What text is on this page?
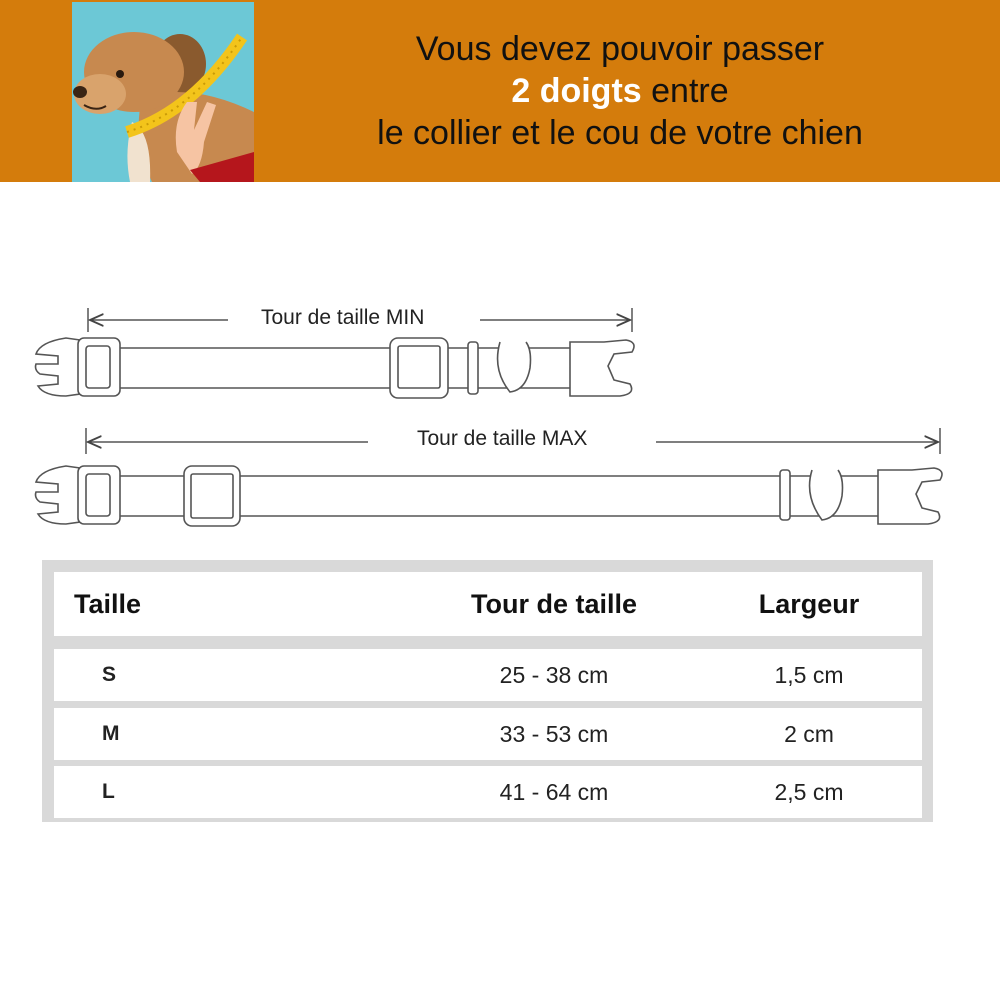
Vous devez pouvoir passer
2 doigts entre
le collier et le cou de votre chien
Tour de taille MIN
Tour de taille MAX
Taille	Tour de taille	Largeur
S	25 - 38 cm	1,5 cm
M	33 - 53 cm	2 cm
L	41 - 64 cm	2,5 cm
